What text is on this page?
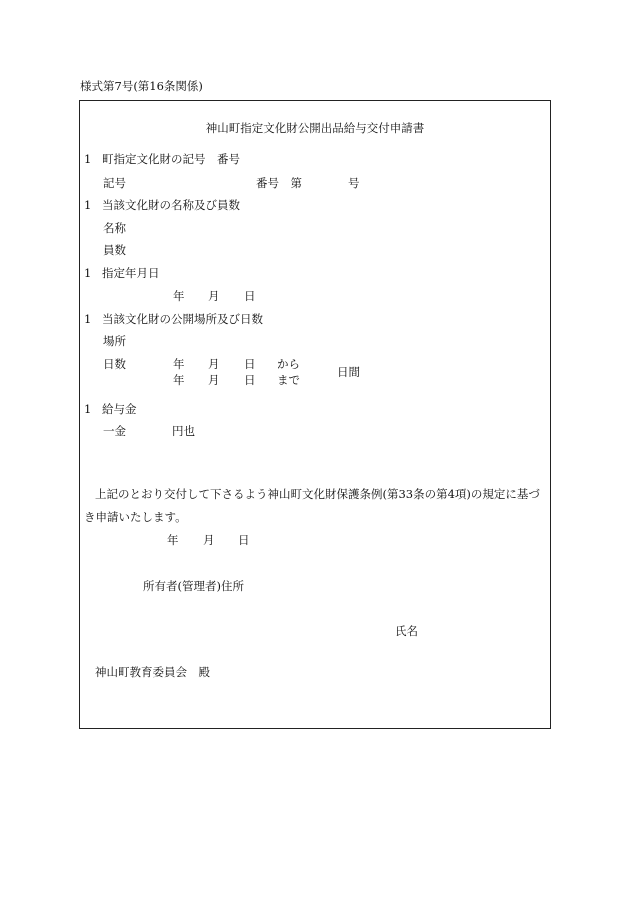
様式第7号(第16条関係)
神山町指定文化財公開出品給与交付申請書
1 町指定文化財の記号　番号
記号	番号　第	号
1 当該文化財の名称及び員数
名称
員数
1 指定年月日
年 月 日
1 当該文化財の公開場所及び日数
場所
日数	年 月 日 から
年 月 日 まで
日間
1 給与金
一金	円也
上記のとおり交付して下さるよう神山町文化財保護条例(第33条の第4項)の規定に基づ
き申請いたします。
年 月 日
所有者(管理者)住所
氏名
神山町教育委員会　殿
